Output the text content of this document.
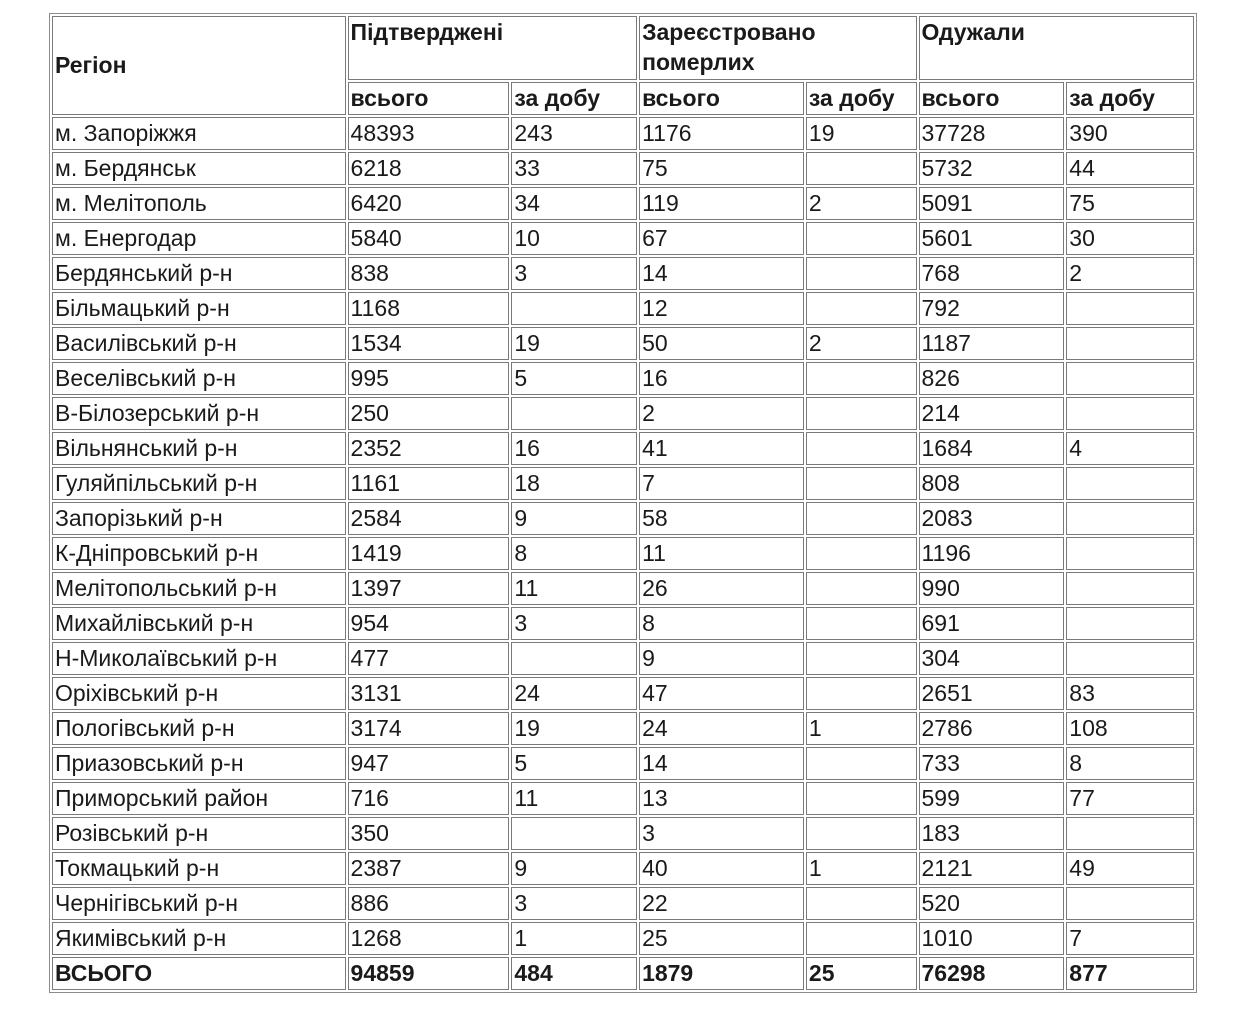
Регіон	Підтверджені		Зареєстровано померлих		Одужали	
	всього	за добу	всього	за добу	всього	за добу
м. Запоріжжя	48393	243	1176	19	37728	390
м. Бердянськ	6218	33	75		5732	44
м. Мелітополь	6420	34	119	2	5091	75
м. Енергодар	5840	10	67		5601	30
Бердянський р-н	838	3	14		768	2
Більмацький р-н	1168		12		792	
Василівський р-н	1534	19	50	2	1187	
Веселівський р-н	995	5	16		826	
В-Білозерський р-н	250		2		214	
Вільнянський р-н	2352	16	41		1684	4
Гуляйпільський р-н	1161	18	7		808	
Запорізький р-н	2584	9	58		2083	
К-Дніпровський р-н	1419	8	11		1196	
Мелітопольський р-н	1397	11	26		990	
Михайлівський р-н	954	3	8		691	
Н-Миколаївський р-н	477		9		304	
Оріхівський р-н	3131	24	47		2651	83
Пологівський р-н	3174	19	24	1	2786	108
Приазовський р-н	947	5	14		733	8
Приморський район	716	11	13		599	77
Розівський р-н	350		3		183	
Токмацький р-н	2387	9	40	1	2121	49
Чернігівський р-н	886	3	22		520	
Якимівський р-н	1268	1	25		1010	7
ВСЬОГО	94859	484	1879	25	76298	877
